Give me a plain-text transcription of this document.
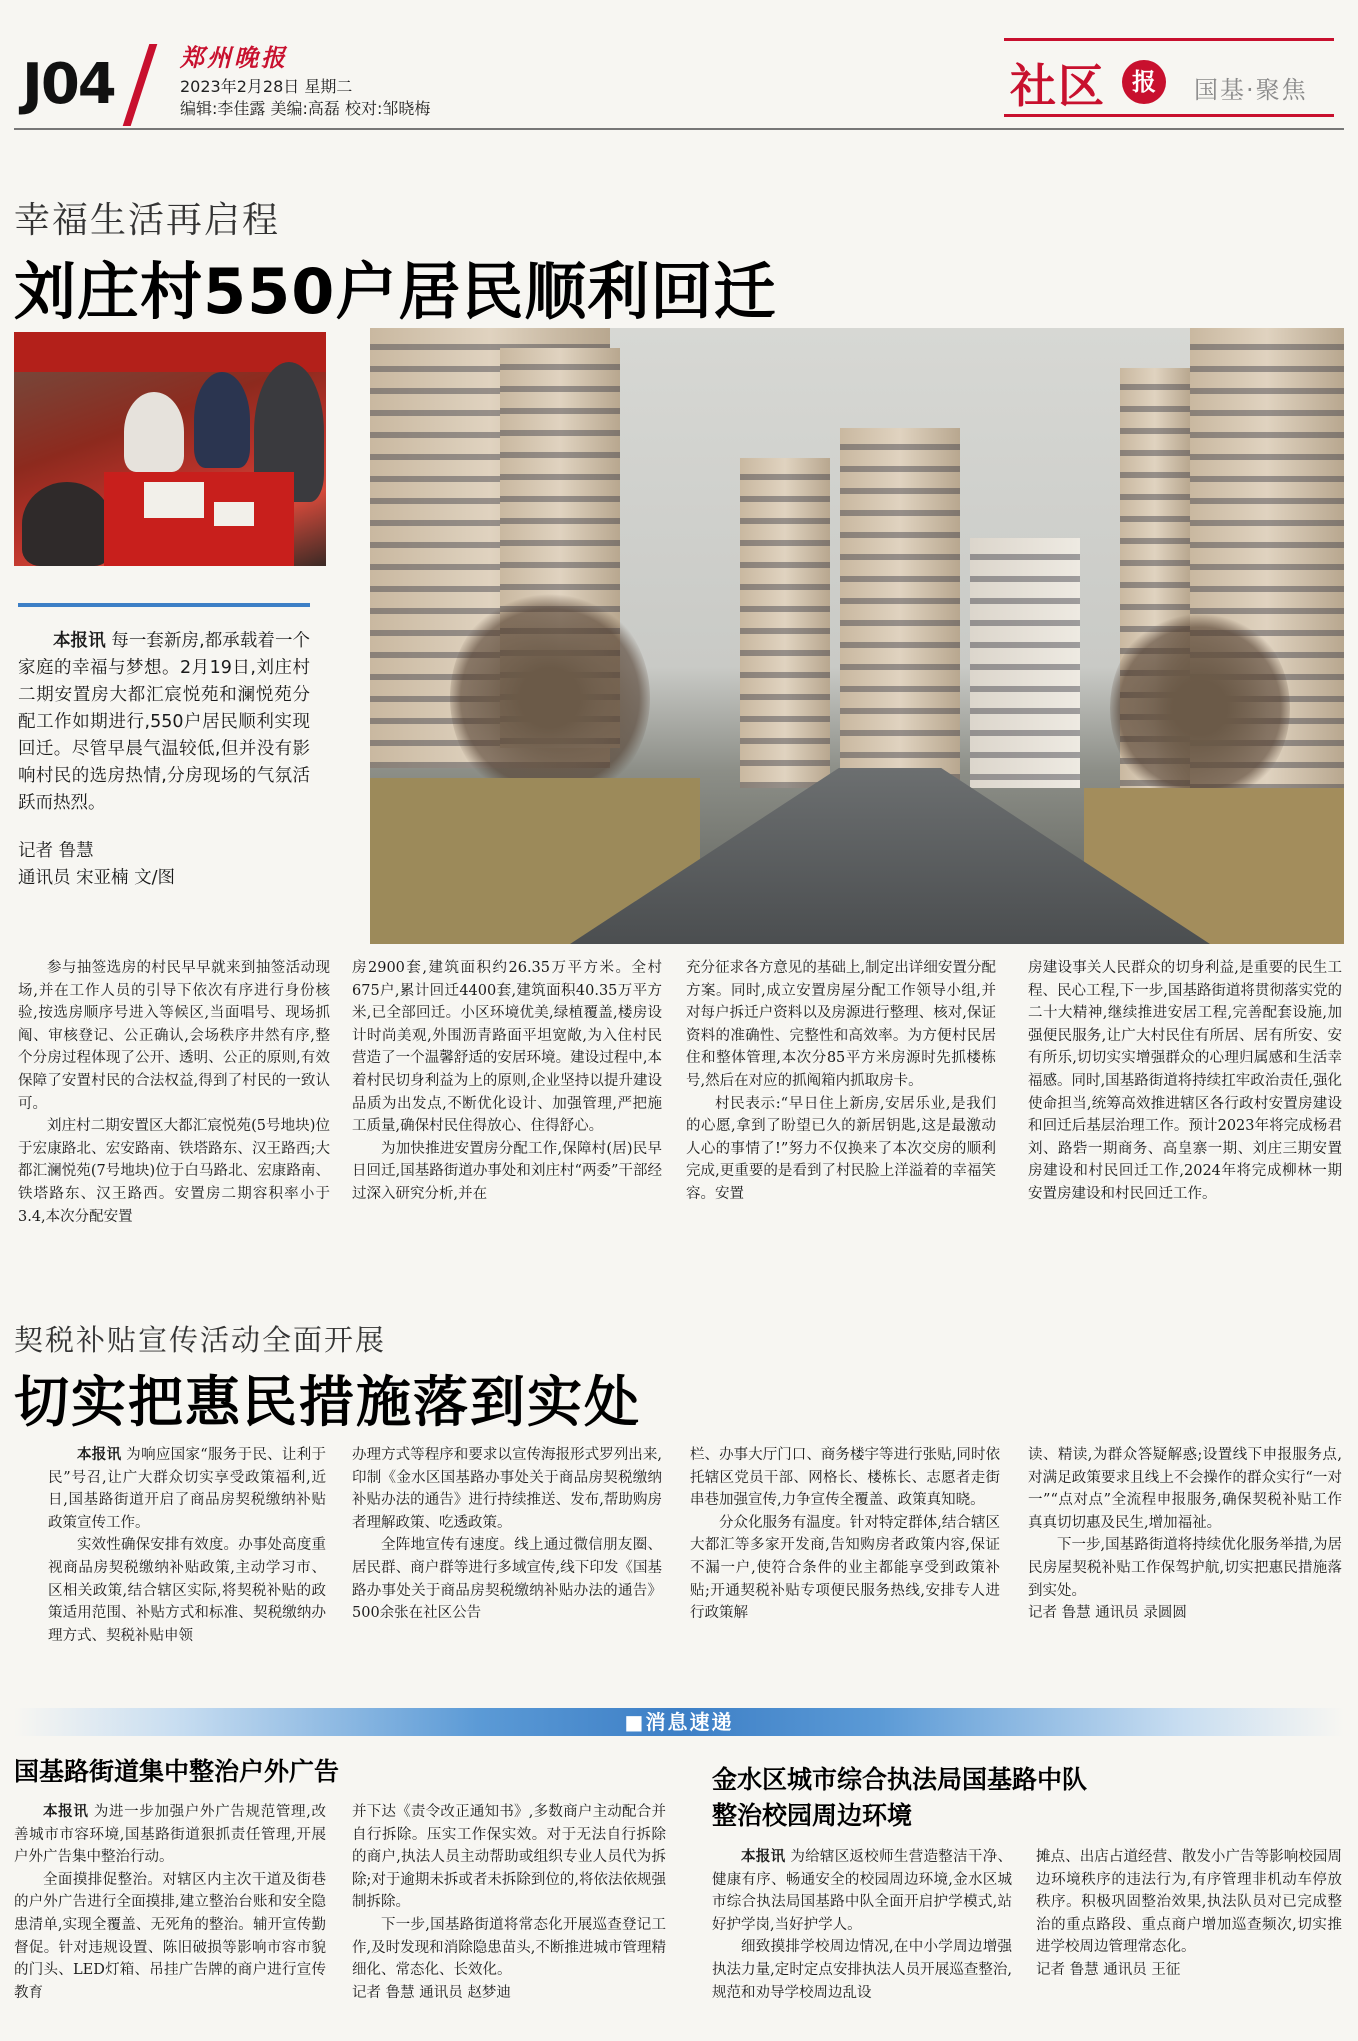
J04	郑州晚报
2023年2月28日 星期二
编辑:李佳露 美编:高磊 校对:邹晓梅	社区	报	国基·聚焦
幸福生活再启程
刘庄村550户居民顺利回迁
本报讯 每一套新房,都承载着一个家庭的幸福与梦想。2月19日,刘庄村二期安置房大都汇宸悦苑和澜悦苑分配工作如期进行,550户居民顺利实现回迁。尽管早晨气温较低,但并没有影响村民的选房热情,分房现场的气氛活跃而热烈。
记者 鲁慧
通讯员 宋亚楠 文/图

参与抽签选房的村民早早就来到抽签活动现场,并在工作人员的引导下依次有序进行身份核验,按选房顺序号进入等候区,当面唱号、现场抓阄、审核登记、公正确认,会场秩序井然有序,整个分房过程体现了公开、透明、公正的原则,有效保障了安置村民的合法权益,得到了村民的一致认可。

刘庄村二期安置区大都汇宸悦苑(5号地块)位于宏康路北、宏安路南、铁塔路东、汉王路西;大都汇澜悦苑(7号地块)位于白马路北、宏康路南、铁塔路东、汉王路西。安置房二期容积率小于3.4,本次分配安置

房2900套,建筑面积约26.35万平方米。全村675户,累计回迁4400套,建筑面积40.35万平方米,已全部回迁。小区环境优美,绿植覆盖,楼房设计时尚美观,外围沥青路面平坦宽敞,为入住村民营造了一个温馨舒适的安居环境。建设过程中,本着村民切身利益为上的原则,企业坚持以提升建设品质为出发点,不断优化设计、加强管理,严把施工质量,确保村民住得放心、住得舒心。

为加快推进安置房分配工作,保障村(居)民早日回迁,国基路街道办事处和刘庄村“两委”干部经过深入研究分析,并在

充分征求各方意见的基础上,制定出详细安置分配方案。同时,成立安置房屋分配工作领导小组,并对每户拆迁户资料以及房源进行整理、核对,保证资料的准确性、完整性和高效率。为方便村民居住和整体管理,本次分85平方米房源时先抓楼栋号,然后在对应的抓阄箱内抓取房卡。

村民表示:“早日住上新房,安居乐业,是我们的心愿,拿到了盼望已久的新居钥匙,这是最激动人心的事情了!”努力不仅换来了本次交房的顺利完成,更重要的是看到了村民脸上洋溢着的幸福笑容。安置

房建设事关人民群众的切身利益,是重要的民生工程、民心工程,下一步,国基路街道将贯彻落实党的二十大精神,继续推进安居工程,完善配套设施,加强便民服务,让广大村民住有所居、居有所安、安有所乐,切切实实增强群众的心理归属感和生活幸福感。同时,国基路街道将持续扛牢政治责任,强化使命担当,统筹高效推进辖区各行政村安置房建设和回迁后基层治理工作。预计2023年将完成杨君刘、路砦一期商务、高皇寨一期、刘庄三期安置房建设和村民回迁工作,2024年将完成柳林一期安置房建设和村民回迁工作。

契税补贴宣传活动全面开展
切实把惠民措施落到实处

本报讯 为响应国家“服务于民、让利于民”号召,让广大群众切实享受政策福利,近日,国基路街道开启了商品房契税缴纳补贴政策宣传工作。

实效性确保安排有效度。办事处高度重视商品房契税缴纳补贴政策,主动学习市、区相关政策,结合辖区实际,将契税补贴的政策适用范围、补贴方式和标准、契税缴纳办理方式、契税补贴申领

办理方式等程序和要求以宣传海报形式罗列出来,印制《金水区国基路办事处关于商品房契税缴纳补贴办法的通告》进行持续推送、发布,帮助购房者理解政策、吃透政策。

全阵地宣传有速度。线上通过微信朋友圈、居民群、商户群等进行多域宣传,线下印发《国基路办事处关于商品房契税缴纳补贴办法的通告》500余张在社区公告

栏、办事大厅门口、商务楼宇等进行张贴,同时依托辖区党员干部、网格长、楼栋长、志愿者走街串巷加强宣传,力争宣传全覆盖、政策真知晓。

分众化服务有温度。针对特定群体,结合辖区大都汇等多家开发商,告知购房者政策内容,保证不漏一户,使符合条件的业主都能享受到政策补贴;开通契税补贴专项便民服务热线,安排专人进行政策解

读、精读,为群众答疑解惑;设置线下申报服务点,对满足政策要求且线上不会操作的群众实行“一对一”“点对点”全流程申报服务,确保契税补贴工作真真切切惠及民生,增加福祉。

下一步,国基路街道将持续优化服务举措,为居民房屋契税补贴工作保驾护航,切实把惠民措施落到实处。

记者 鲁慧 通讯员 录圆圆

■消息速递
国基路街道集中整治户外广告

本报讯 为进一步加强户外广告规范管理,改善城市市容环境,国基路街道狠抓责任管理,开展户外广告集中整治行动。

全面摸排促整治。对辖区内主次干道及街巷的户外广告进行全面摸排,建立整治台账和安全隐患清单,实现全覆盖、无死角的整治。辅开宣传勤督促。针对违规设置、陈旧破损等影响市容市貌的门头、LED灯箱、吊挂广告牌的商户进行宣传教育

并下达《责令改正通知书》,多数商户主动配合并自行拆除。压实工作保实效。对于无法自行拆除的商户,执法人员主动帮助或组织专业人员代为拆除;对于逾期未拆或者未拆除到位的,将依法依规强制拆除。

下一步,国基路街道将常态化开展巡查登记工作,及时发现和消除隐患苗头,不断推进城市管理精细化、常态化、长效化。

记者 鲁慧 通讯员 赵梦迪

金水区城市综合执法局国基路中队
整治校园周边环境

本报讯 为给辖区返校师生营造整洁干净、健康有序、畅通安全的校园周边环境,金水区城市综合执法局国基路中队全面开启护学模式,站好护学岗,当好护学人。

细致摸排学校周边情况,在中小学周边增强执法力量,定时定点安排执法人员开展巡查整治,规范和劝导学校周边乱设

摊点、出店占道经营、散发小广告等影响校园周边环境秩序的违法行为,有序管理非机动车停放秩序。积极巩固整治效果,执法队员对已完成整治的重点路段、重点商户增加巡查频次,切实推进学校周边管理常态化。

记者 鲁慧 通讯员 王征
